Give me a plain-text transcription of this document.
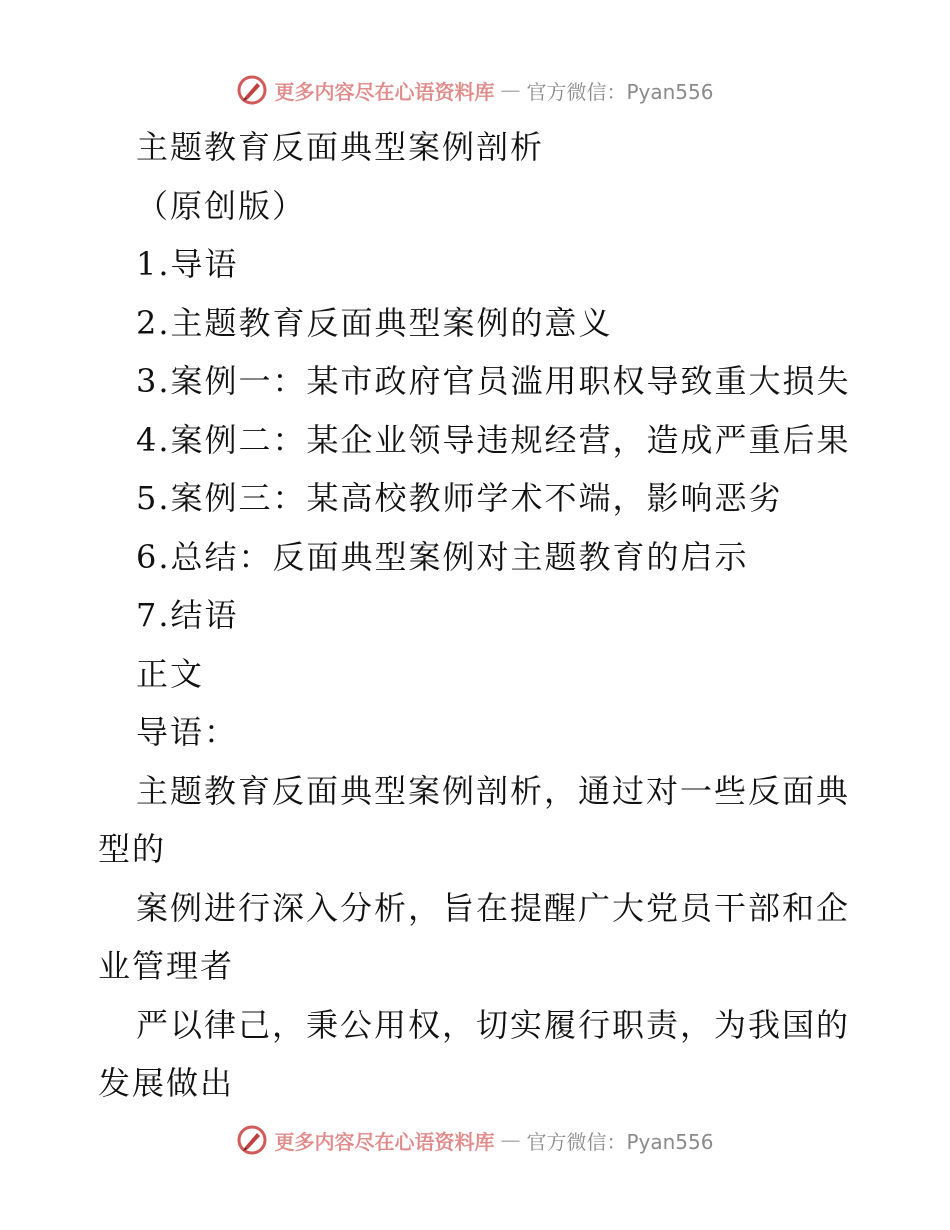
更多内容尽在心语资料库 — 官方微信：Pyan556
主题教育反面典型案例剖析
（原创版）
1.导语
2.主题教育反面典型案例的意义
3.案例一：某市政府官员滥用职权导致重大损失
4.案例二：某企业领导违规经营，造成严重后果
5.案例三：某高校教师学术不端，影响恶劣
6.总结：反面典型案例对主题教育的启示
7.结语
正文
导语：
主题教育反面典型案例剖析，通过对一些反面典
型的
案例进行深入分析，旨在提醒广大党员干部和企
业管理者
严以律己，秉公用权，切实履行职责，为我国的
发展做出
更多内容尽在心语资料库 — 官方微信：Pyan556
